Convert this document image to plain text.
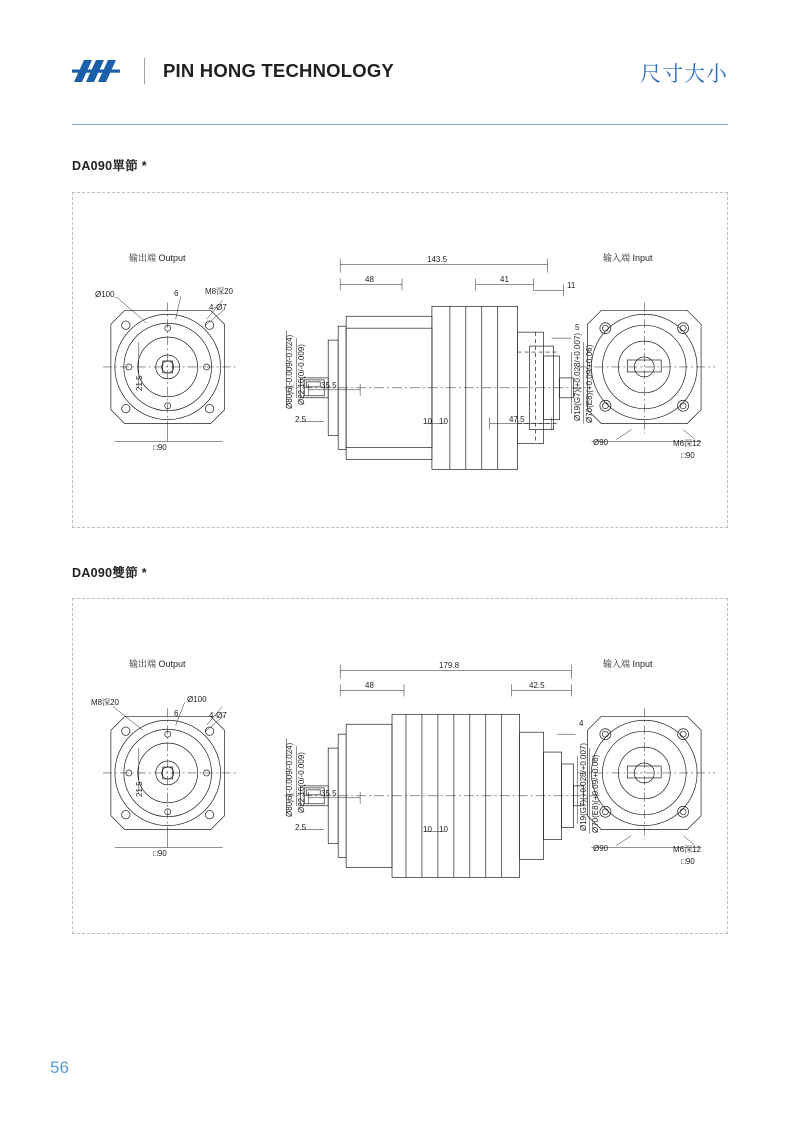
PIN HONG TECHNOLOGY	尺寸大小
DA090單節 *
输出端 Output	输入端 Input
Ø100	6	M8深20
4-Ø7
21.5
□90
143.5
48	41
11
5
35.5
2.5	10 10	47.5
Ø80j6(-0.009/-0.024) Ø22.16(0/-0.009)	Ø19(G7)(+0.028/+0.007) Ø70(E8)(+0.09/+0.06)
Ø90	M6深12
□90
DA090雙節 *
输出端 Output	输入端 Input
M8深20	Ø100
6	4-Ø7
21.5
□90
179.8
48	42.5
4
35.5
2.5	10 10
Ø80j6(-0.009/-0.024) Ø22.16(0/-0.009)	Ø19(G7)(+0.028/+0.007) Ø70(E8)(+0.09/+0.06)
Ø90	M6深12
□90
56
